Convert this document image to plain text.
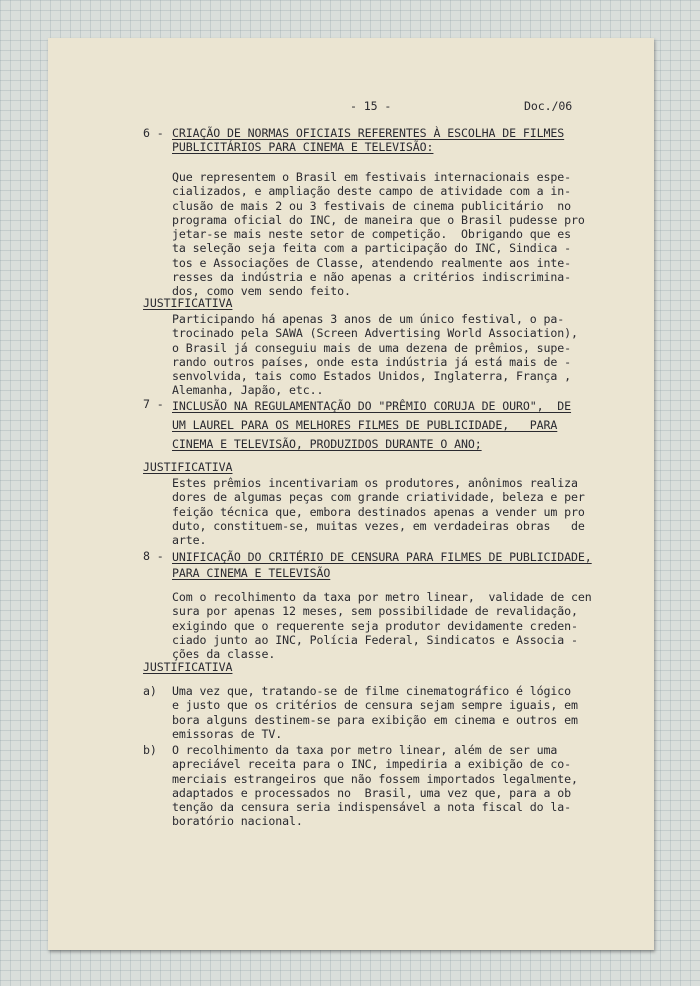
- 15 -	Doc./06
6 - CRIAÇÃO DE NORMAS OFICIAIS REFERENTES À ESCOLHA DE FILMES
PUBLICITÁRIOS PARA CINEMA E TELEVISÃO:
Que representem o Brasil em festivais internacionais espe-
cializados, e ampliação deste campo de atividade com a in-
clusão de mais 2 ou 3 festivais de cinema publicitário  no
programa oficial do INC, de maneira que o Brasil pudesse pro
jetar-se mais neste setor de competição.  Obrigando que es
ta seleção seja feita com a participação do INC, Sindica -
tos e Associações de Classe, atendendo realmente aos inte-
resses da indústria e não apenas a critérios indiscrimina-
dos, como vem sendo feito.
JUSTIFICATIVA
Participando há apenas 3 anos de um único festival, o pa-
trocinado pela SAWA (Screen Advertising World Association),
o Brasil já conseguiu mais de uma dezena de prêmios, supe-
rando outros países, onde esta indústria já está mais de -
senvolvida, tais como Estados Unidos, Inglaterra, França ,
Alemanha, Japão, etc..
7 - INCLUSÃO NA REGULAMENTAÇÃO DO "PRÊMIO CORUJA DE OURO",  DE
UM LAUREL PARA OS MELHORES FILMES DE PUBLICIDADE,   PARA
CINEMA E TELEVISÃO, PRODUZIDOS DURANTE O ANO;
JUSTIFICATIVA
Estes prêmios incentivariam os produtores, anônimos realiza
dores de algumas peças com grande criatividade, beleza e per
feição técnica que, embora destinados apenas a vender um pro
duto, constituem-se, muitas vezes, em verdadeiras obras   de
arte.
8 - UNIFICAÇÃO DO CRITÉRIO DE CENSURA PARA FILMES DE PUBLICIDADE,
PARA CINEMA E TELEVISÃO
Com o recolhimento da taxa por metro linear,  validade de cen
sura por apenas 12 meses, sem possibilidade de revalidação,
exigindo que o requerente seja produtor devidamente creden-
ciado junto ao INC, Polícia Federal, Sindicatos e Associa -
ções da classe.
JUSTIFICATIVA
a) Uma vez que, tratando-se de filme cinematográfico é lógico
e justo que os critérios de censura sejam sempre iguais, em
bora alguns destinem-se para exibição em cinema e outros em
emissoras de TV.
b) O recolhimento da taxa por metro linear, além de ser uma
apreciável receita para o INC, impediria a exibição de co-
merciais estrangeiros que não fossem importados legalmente,
adaptados e processados no  Brasil, uma vez que, para a ob
tenção da censura seria indispensável a nota fiscal do la-
boratório nacional.
